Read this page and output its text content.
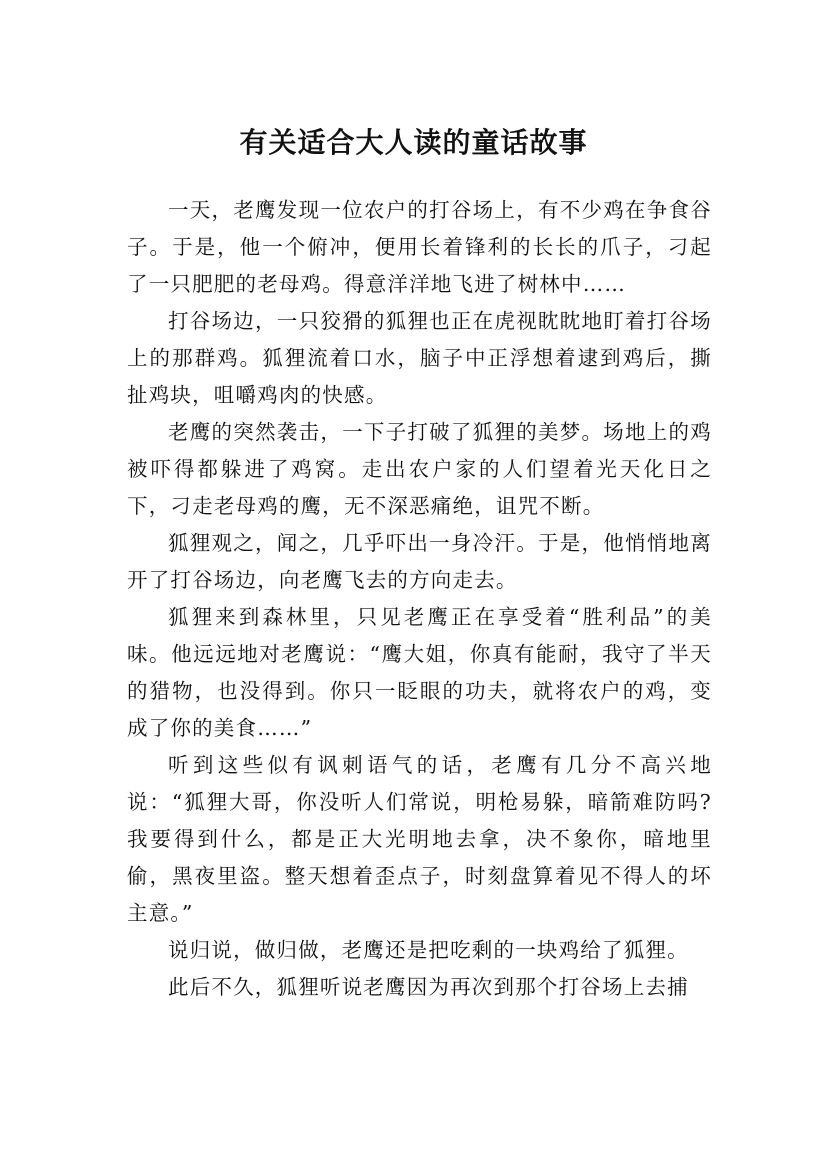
有关适合大人读的童话故事

一天，老鹰发现一位农户的打谷场上，有不少鸡在争食谷子。于是，他一个俯冲，便用长着锋利的长长的爪子，刁起了一只肥肥的老母鸡。得意洋洋地飞进了树林中……

打谷场边，一只狡猾的狐狸也正在虎视眈眈地盯着打谷场上的那群鸡。狐狸流着口水，脑子中正浮想着逮到鸡后，撕扯鸡块，咀嚼鸡肉的快感。

老鹰的突然袭击，一下子打破了狐狸的美梦。场地上的鸡被吓得都躲进了鸡窝。走出农户家的人们望着光天化日之下，刁走老母鸡的鹰，无不深恶痛绝，诅咒不断。

狐狸观之，闻之，几乎吓出一身冷汗。于是，他悄悄地离开了打谷场边，向老鹰飞去的方向走去。

狐狸来到森林里，只见老鹰正在享受着“胜利品”的美味。他远远地对老鹰说：“鹰大姐，你真有能耐，我守了半天的猎物，也没得到。你只一眨眼的功夫，就将农户的鸡，变成了你的美食……”

听到这些似有讽刺语气的话，老鹰有几分不高兴地说：“狐狸大哥，你没听人们常说，明枪易躲，暗箭难防吗?我要得到什么，都是正大光明地去拿，决不象你，暗地里偷，黑夜里盗。整天想着歪点子，时刻盘算着见不得人的坏主意。”

说归说，做归做，老鹰还是把吃剩的一块鸡给了狐狸。

此后不久，狐狸听说老鹰因为再次到那个打谷场上去捕
